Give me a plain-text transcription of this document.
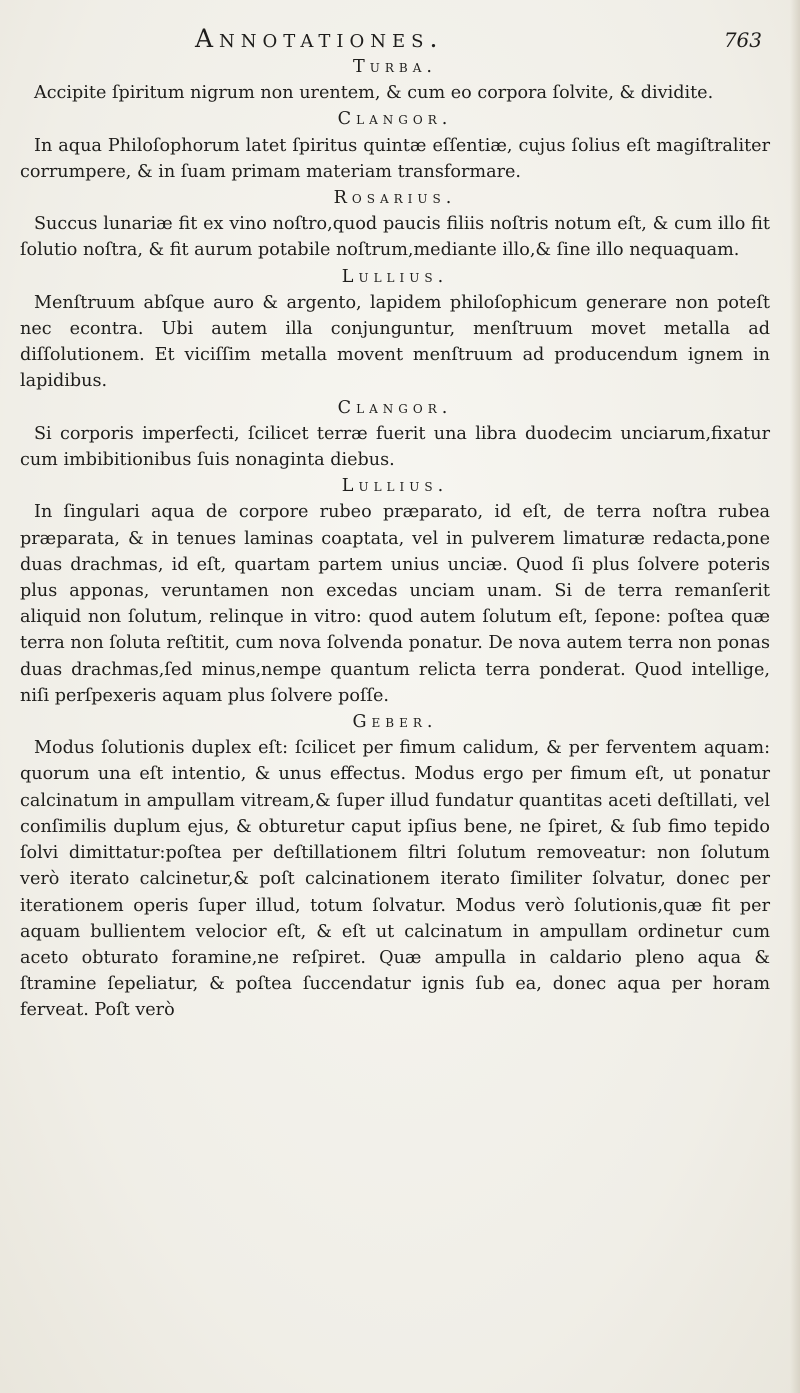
Annotationes.	763

Turba.

Accipite ſpiritum nigrum non urentem, & cum eo corpora ſolvite, & dividite.

Clangor.

In aqua Philoſophorum latet ſpiritus quintæ eſſentiæ, cujus ſolius eſt magiſtraliter corrumpere, & in ſuam primam materiam transformare.

Rosarius.

Succus lunariæ fit ex vino noſtro,quod paucis filiis noſtris notum eſt, & cum illo fit ſolutio noſtra, & fit aurum potabile noſtrum,mediante illo,& ſine illo nequaquam.

Lullius.

Menſtruum abſque auro & argento, lapidem philoſophicum generare non poteſt nec econtra. Ubi autem illa conjunguntur, menſtruum movet metalla ad diſſolutionem. Et viciſſim metalla movent menſtruum ad producendum ignem in lapidibus.

Clangor.

Si corporis imperfecti, ſcilicet terræ fuerit una libra duodecim unciarum,fixatur cum imbibitionibus ſuis nonaginta diebus.

Lullius.

In ſingulari aqua de corpore rubeo præparato, id eſt, de terra noſtra rubea præparata, & in tenues laminas coaptata, vel in pulverem limaturæ redacta,pone duas drachmas, id eſt, quartam partem unius unciæ. Quod ſi plus ſolvere poteris plus apponas, veruntamen non excedas unciam unam. Si de terra remanſerit aliquid non ſolutum, relinque in vitro: quod autem ſolutum eſt, ſepone: poſtea quæ terra non ſoluta reſtitit, cum nova ſolvenda ponatur. De nova autem terra non ponas duas drachmas,ſed minus,nempe quantum relicta terra ponderat. Quod intellige, niſi perſpexeris aquam plus ſolvere poſſe.

Geber.

Modus ſolutionis duplex eſt: ſcilicet per fimum calidum, & per ferventem aquam: quorum una eſt intentio, & unus effectus. Modus ergo per fimum eſt, ut ponatur calcinatum in ampullam vitream,& ſuper illud fundatur quantitas aceti deſtillati, vel conſimilis duplum ejus, & obturetur caput ipſius bene, ne ſpiret, & ſub fimo tepido ſolvi dimittatur:poſtea per deſtillationem filtri ſolutum removeatur: non ſolutum verò iterato calcinetur,& poſt calcinationem iterato ſimiliter ſolvatur, donec per iterationem operis ſuper illud, totum ſolvatur. Modus verò ſolutionis,quæ fit per aquam bullientem velocior eſt, & eſt ut calcinatum in ampullam ordinetur cum aceto obturato foramine,ne reſpiret. Quæ ampulla in caldario pleno aqua & ſtramine ſepeliatur, & poſtea ſuccendatur ignis ſub ea, donec aqua per horam ferveat. Poſt verò
